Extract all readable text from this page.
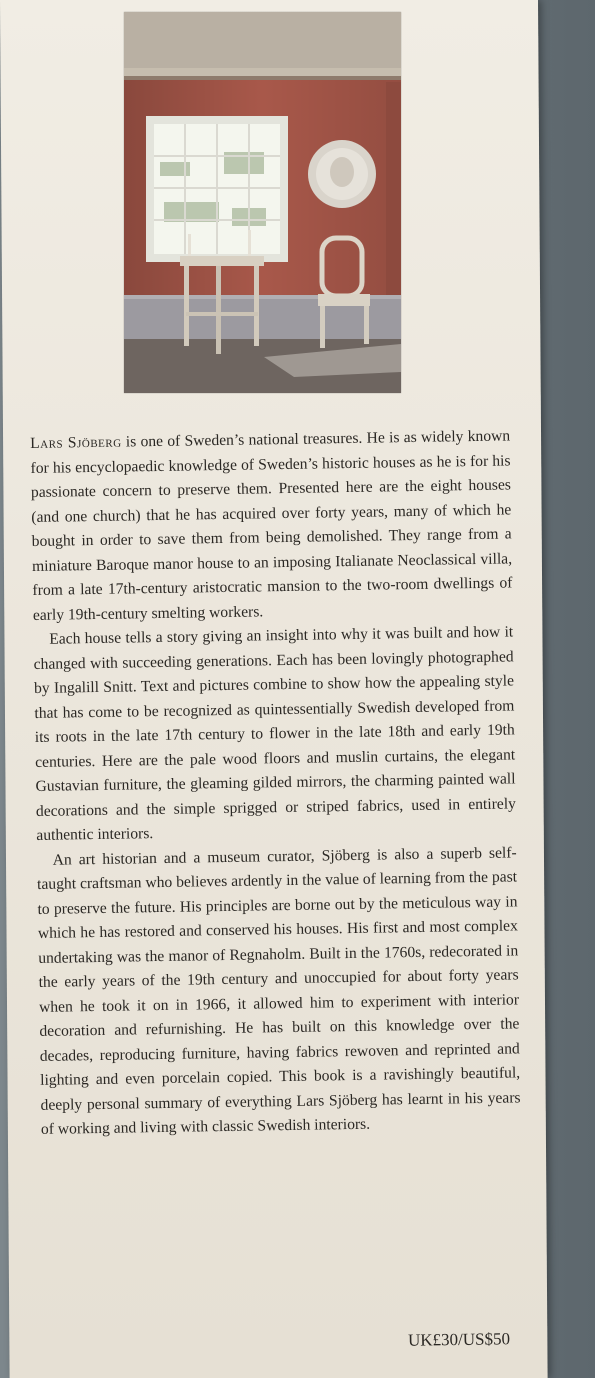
Lars Sjöberg is one of Sweden’s national treasures. He is as widely known for his encyclopaedic knowledge of Sweden’s historic houses as he is for his passionate concern to preserve them. Presented here are the eight houses (and one church) that he has acquired over forty years, many of which he bought in order to save them from being demolished. They range from a miniature Baroque manor house to an imposing Italianate Neoclassical villa, from a late 17th-century aristocratic mansion to the two-room dwellings of early 19th-century smelting workers.

Each house tells a story giving an insight into why it was built and how it changed with succeeding generations. Each has been lovingly photographed by Ingalill Snitt. Text and pictures combine to show how the appealing style that has come to be recognized as quintessentially Swedish developed from its roots in the late 17th century to flower in the late 18th and early 19th centuries. Here are the pale wood floors and muslin curtains, the elegant Gustavian furniture, the gleaming gilded mirrors, the charming painted wall decorations and the simple sprigged or striped fabrics, used in entirely authentic interiors.

An art historian and a museum curator, Sjöberg is also a superb self-taught craftsman who believes ardently in the value of learning from the past to preserve the future. His principles are borne out by the meticulous way in which he has restored and conserved his houses. His first and most complex undertaking was the manor of Regnaholm. Built in the 1760s, redecorated in the early years of the 19th century and unoccupied for about forty years when he took it on in 1966, it allowed him to experiment with interior decoration and refurnishing. He has built on this knowledge over the decades, reproducing furniture, having fabrics rewoven and reprinted and lighting and even porcelain copied. This book is a ravishingly beautiful, deeply personal summary of everything Lars Sjöberg has learnt in his years of working and living with classic Swedish interiors.

UK£30/US$50
